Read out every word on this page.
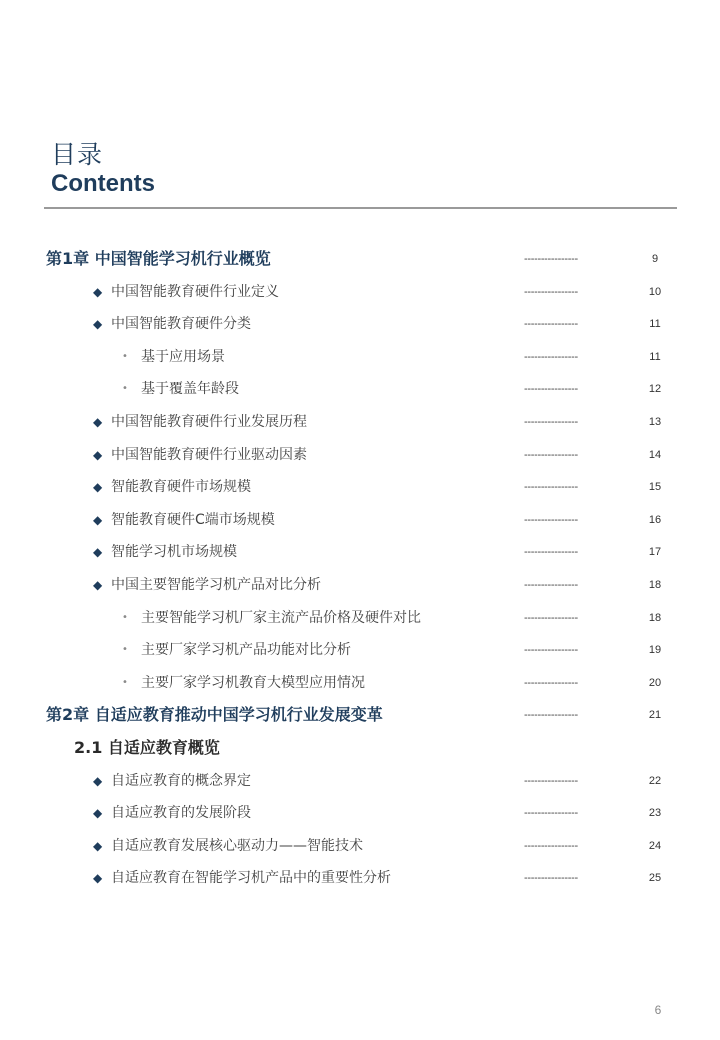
目录
Contents
第1章 中国智能学习机行业概览	----------------	9
◆ 中国智能教育硬件行业定义	----------------	10
◆ 中国智能教育硬件分类	----------------	11
• 基于应用场景	----------------	11
• 基于覆盖年龄段	----------------	12
◆ 中国智能教育硬件行业发展历程	----------------	13
◆ 中国智能教育硬件行业驱动因素	----------------	14
◆ 智能教育硬件市场规模	----------------	15
◆ 智能教育硬件C端市场规模	----------------	16
◆ 智能学习机市场规模	----------------	17
◆ 中国主要智能学习机产品对比分析	----------------	18
• 主要智能学习机厂家主流产品价格及硬件对比	----------------	18
• 主要厂家学习机产品功能对比分析	----------------	19
• 主要厂家学习机教育大模型应用情况	----------------	20
第2章 自适应教育推动中国学习机行业发展变革	----------------	21
2.1 自适应教育概览
◆ 自适应教育的概念界定	----------------	22
◆ 自适应教育的发展阶段	----------------	23
◆ 自适应教育发展核心驱动力——智能技术	----------------	24
◆ 自适应教育在智能学习机产品中的重要性分析	----------------	25
6
